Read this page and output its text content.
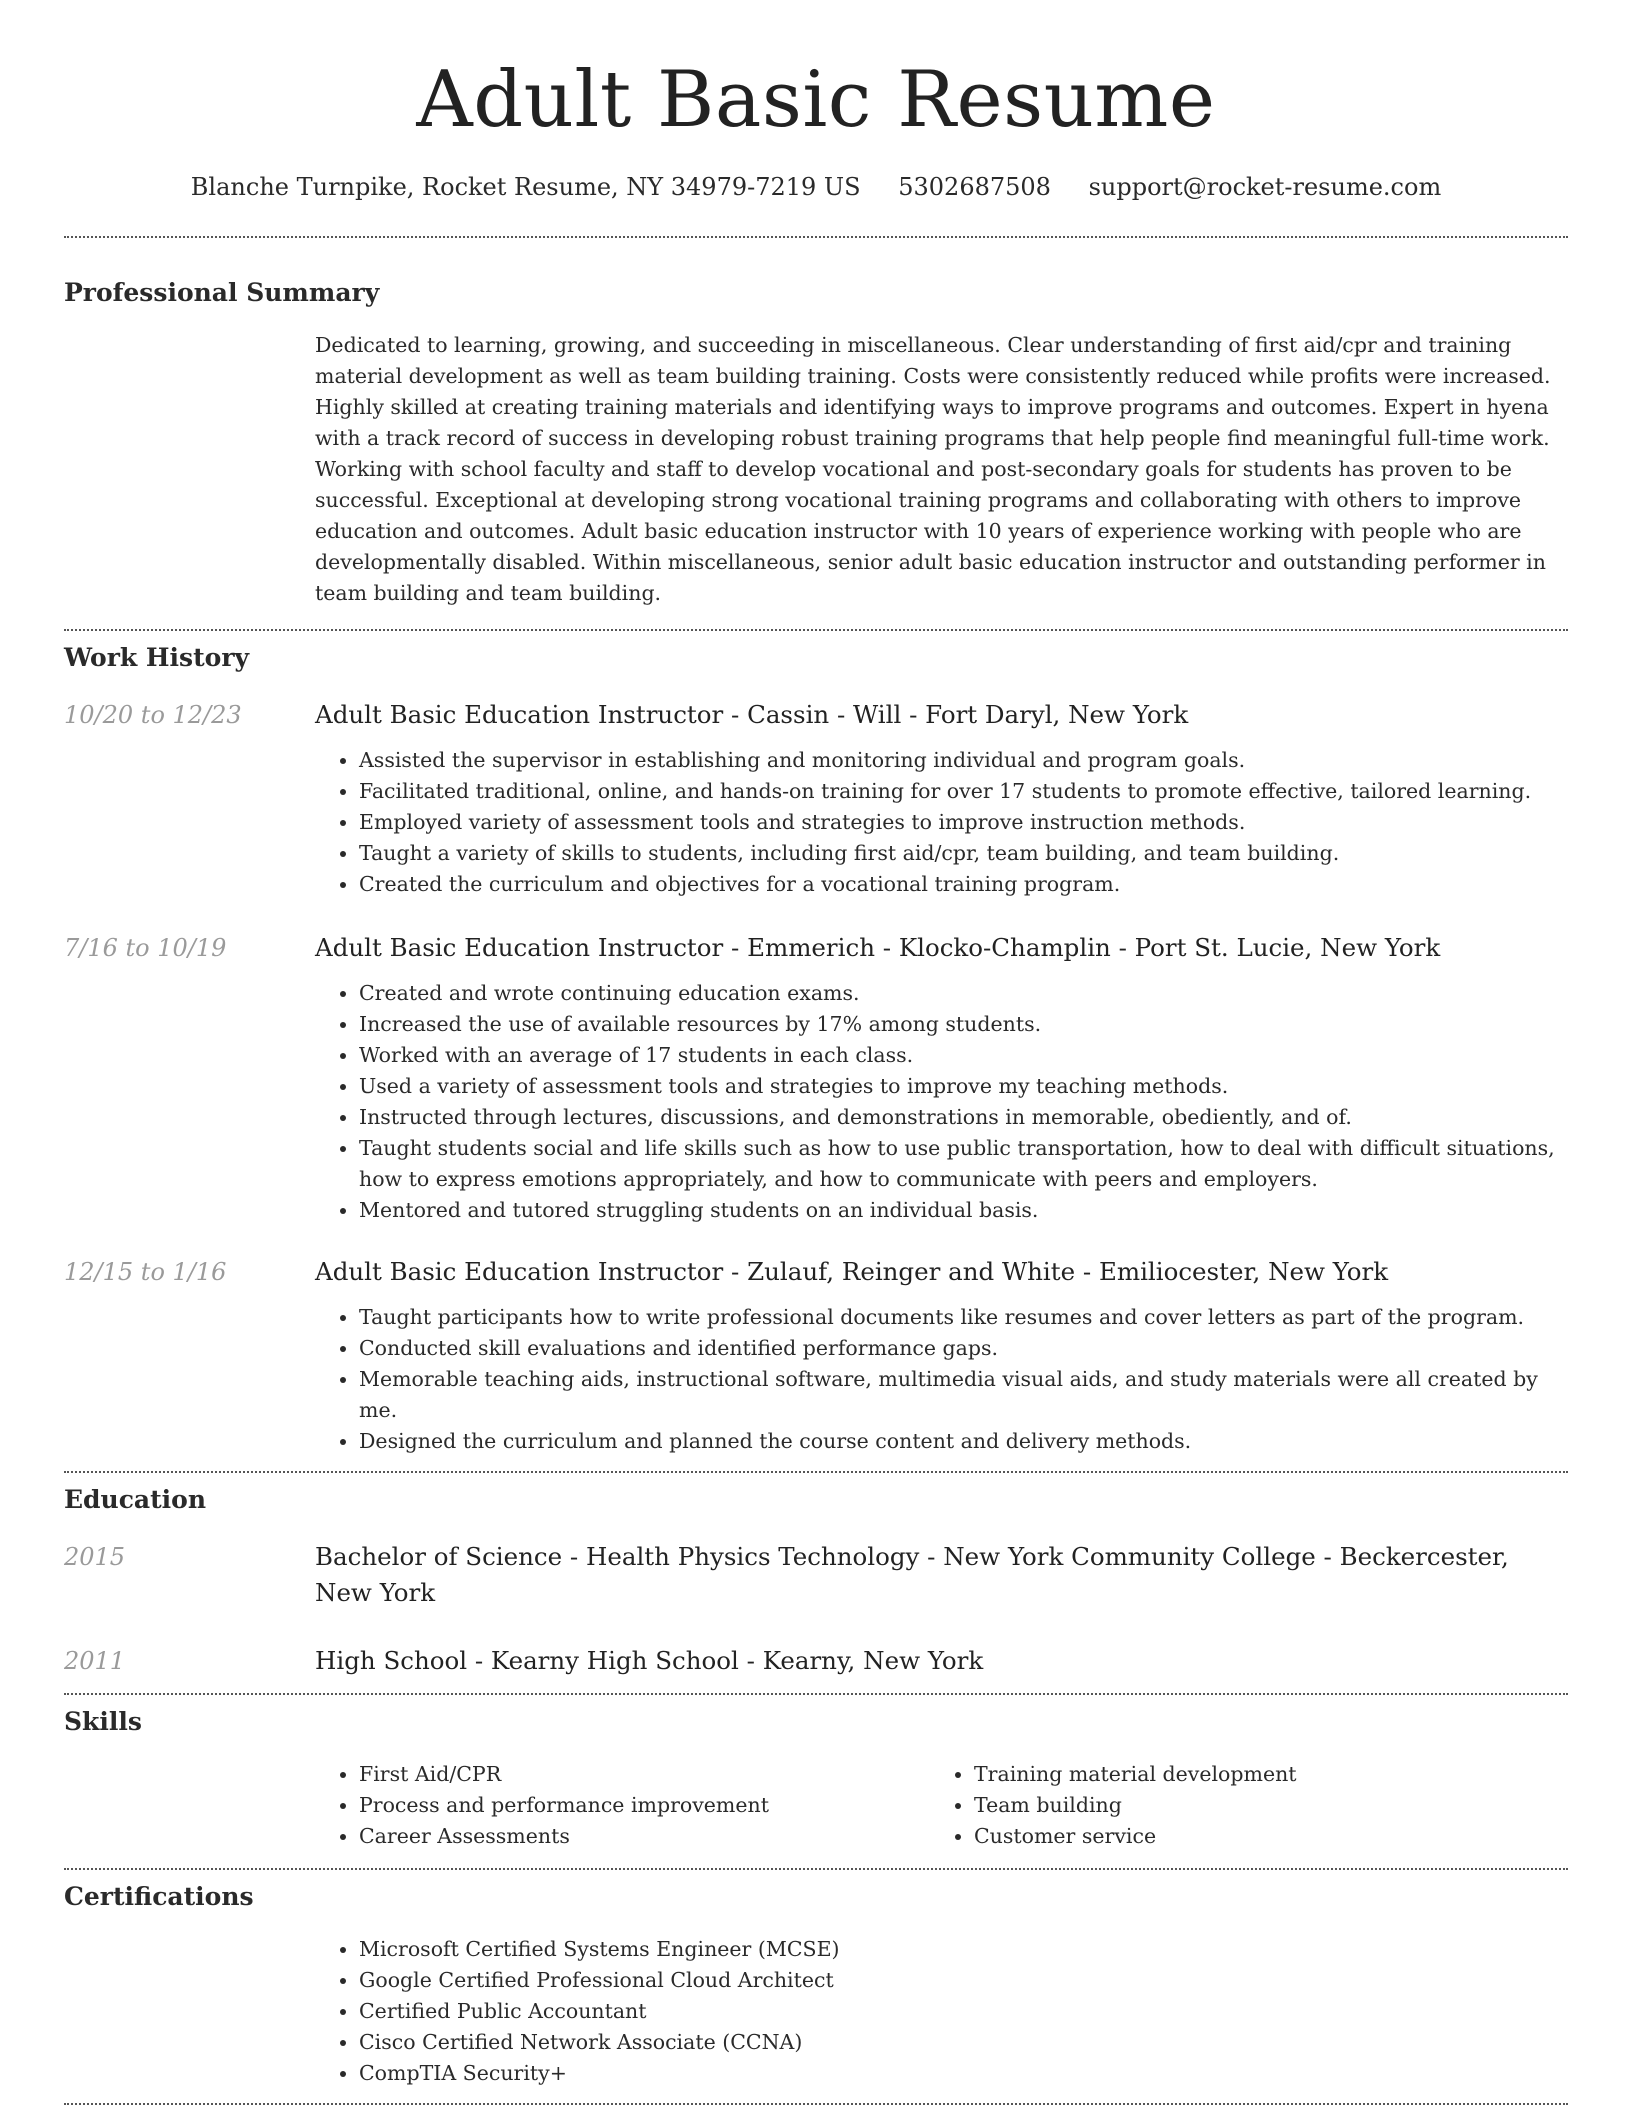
Adult Basic Resume
Blanche Turnpike, Rocket Resume, NY 34979-7219 US 5302687508 support@rocket-resume.com
Professional Summary

Dedicated to learning, growing, and succeeding in miscellaneous. Clear understanding of first aid/cpr and training material development as well as team building training. Costs were consistently reduced while profits were increased. Highly skilled at creating training materials and identifying ways to improve programs and outcomes. Expert in hyena with a track record of success in developing robust training programs that help people find meaningful full-time work. Working with school faculty and staff to develop vocational and post-secondary goals for students has proven to be successful. Exceptional at developing strong vocational training programs and collaborating with others to improve education and outcomes. Adult basic education instructor with 10 years of experience working with people who are developmentally disabled. Within miscellaneous, senior adult basic education instructor and outstanding performer in team building and team building.

Work History
10/20 to 12/23	Adult Basic Education Instructor - Cassin - Will - Fort Daryl, New York
• Assisted the supervisor in establishing and monitoring individual and program goals.
• Facilitated traditional, online, and hands-on training for over 17 students to promote effective, tailored learning.
• Employed variety of assessment tools and strategies to improve instruction methods.
• Taught a variety of skills to students, including first aid/cpr, team building, and team building.
• Created the curriculum and objectives for a vocational training program.
7/16 to 10/19	Adult Basic Education Instructor - Emmerich - Klocko-Champlin - Port St. Lucie, New York
• Created and wrote continuing education exams.
• Increased the use of available resources by 17% among students.
• Worked with an average of 17 students in each class.
• Used a variety of assessment tools and strategies to improve my teaching methods.
• Instructed through lectures, discussions, and demonstrations in memorable, obediently, and of.
• Taught students social and life skills such as how to use public transportation, how to deal with difficult situations, how to express emotions appropriately, and how to communicate with peers and employers.
• Mentored and tutored struggling students on an individual basis.
12/15 to 1/16	Adult Basic Education Instructor - Zulauf, Reinger and White - Emiliocester, New York
• Taught participants how to write professional documents like resumes and cover letters as part of the program.
• Conducted skill evaluations and identified performance gaps.
• Memorable teaching aids, instructional software, multimedia visual aids, and study materials were all created by me.
• Designed the curriculum and planned the course content and delivery methods.
Education
2015	Bachelor of Science - Health Physics Technology - New York Community College - Beckercester, New York
2011	High School - Kearny High School - Kearny, New York
Skills
• First Aid/CPR
• Process and performance improvement
• Career Assessments
• Training material development
• Team building
• Customer service
Certifications
• Microsoft Certified Systems Engineer (MCSE)
• Google Certified Professional Cloud Architect
• Certified Public Accountant
• Cisco Certified Network Associate (CCNA)
• CompTIA Security+
